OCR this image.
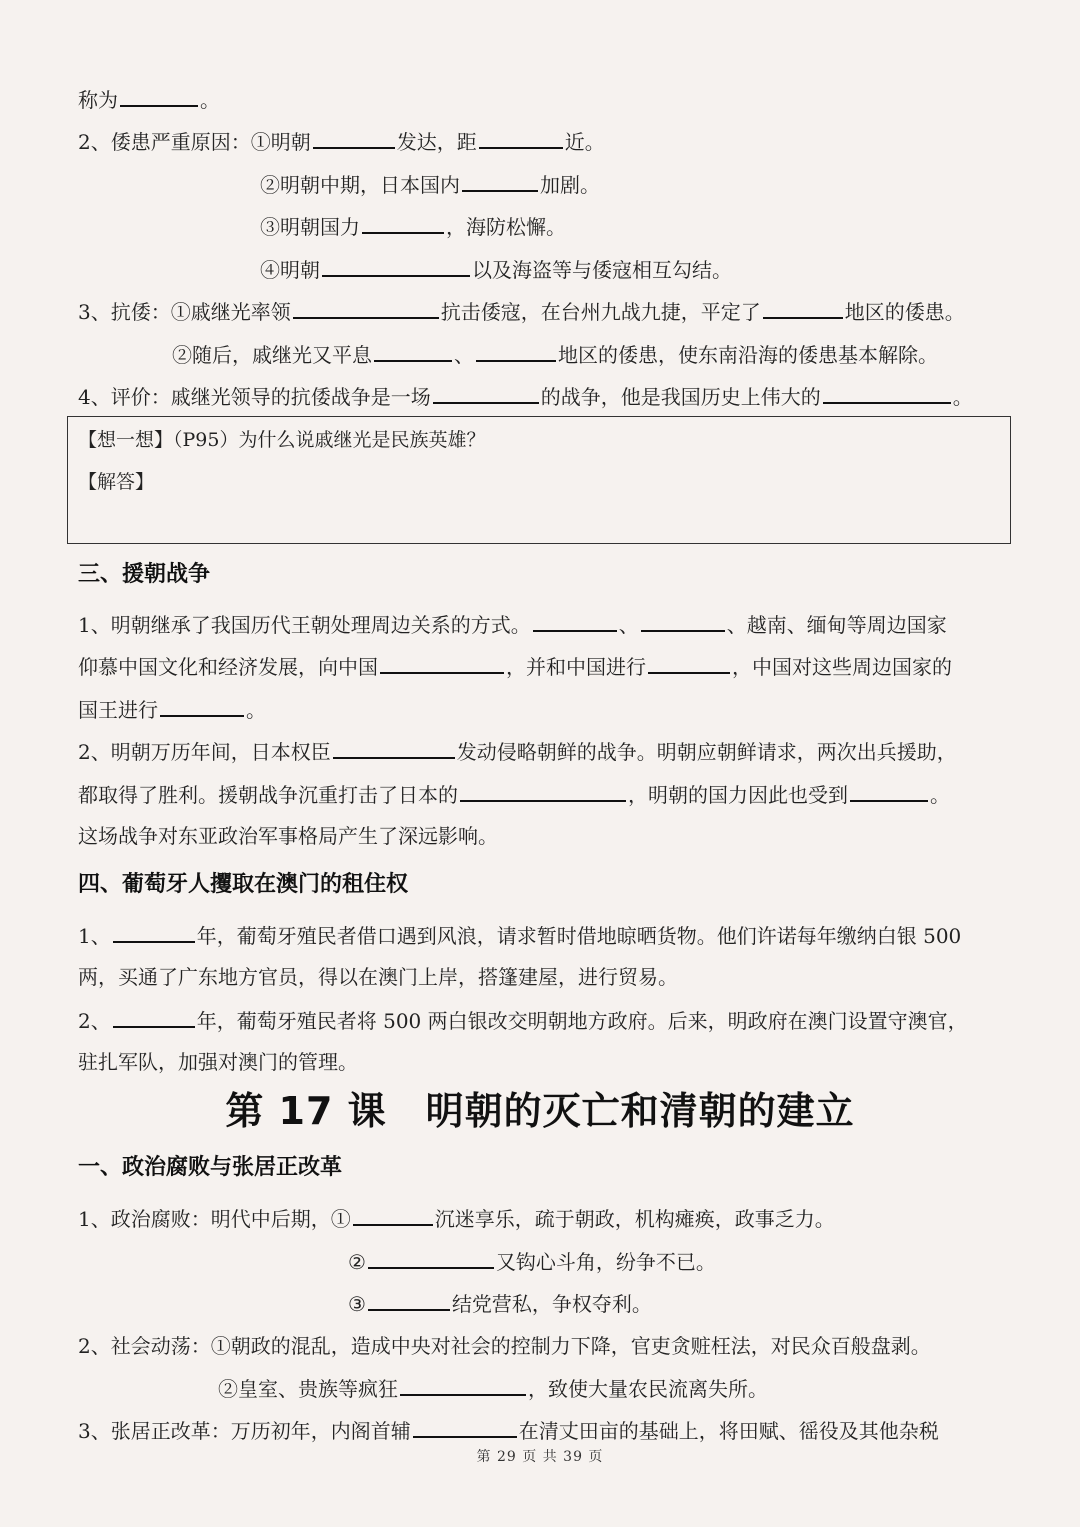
称为	。
2、倭患严重原因：①明朝	发达，距	近。
②明朝中期，日本国内	加剧。
③明朝国力	，海防松懈。
④明朝	以及海盗等与倭寇相互勾结。
3、抗倭：①戚继光率领	抗击倭寇，在台州九战九捷，平定了	地区的倭患。
②随后，戚继光又平息	、	地区的倭患，使东南沿海的倭患基本解除。
4、评价：戚继光领导的抗倭战争是一场	的战争，他是我国历史上伟大的	。
【想一想】（P95）为什么说戚继光是民族英雄？
【解答】
三、援朝战争
1、明朝继承了我国历代王朝处理周边关系的方式。	、	、越南、缅甸等周边国家
仰慕中国文化和经济发展，向中国	，并和中国进行	，中国对这些周边国家的
国王进行	。
2、明朝万历年间，日本权臣	发动侵略朝鲜的战争。明朝应朝鲜请求，两次出兵援助，
都取得了胜利。援朝战争沉重打击了日本的	，明朝的国力因此也受到	。
这场战争对东亚政治军事格局产生了深远影响。
四、葡萄牙人攫取在澳门的租住权
1、	年，葡萄牙殖民者借口遇到风浪，请求暂时借地晾晒货物。他们许诺每年缴纳白银 500
两，买通了广东地方官员，得以在澳门上岸，搭篷建屋，进行贸易。
2、	年，葡萄牙殖民者将 500 两白银改交明朝地方政府。后来，明政府在澳门设置守澳官，
驻扎军队，加强对澳门的管理。
第 17 课　明朝的灭亡和清朝的建立
一、政治腐败与张居正改革
1、政治腐败：明代中后期，①	沉迷享乐，疏于朝政，机构瘫痪，政事乏力。
②	又钩心斗角，纷争不已。
③	结党营私，争权夺利。
2、社会动荡：①朝政的混乱，造成中央对社会的控制力下降，官吏贪赃枉法，对民众百般盘剥。
②皇室、贵族等疯狂	，致使大量农民流离失所。
3、张居正改革：万历初年，内阁首辅	在清丈田亩的基础上，将田赋、徭役及其他杂税
第 29 页 共 39 页
